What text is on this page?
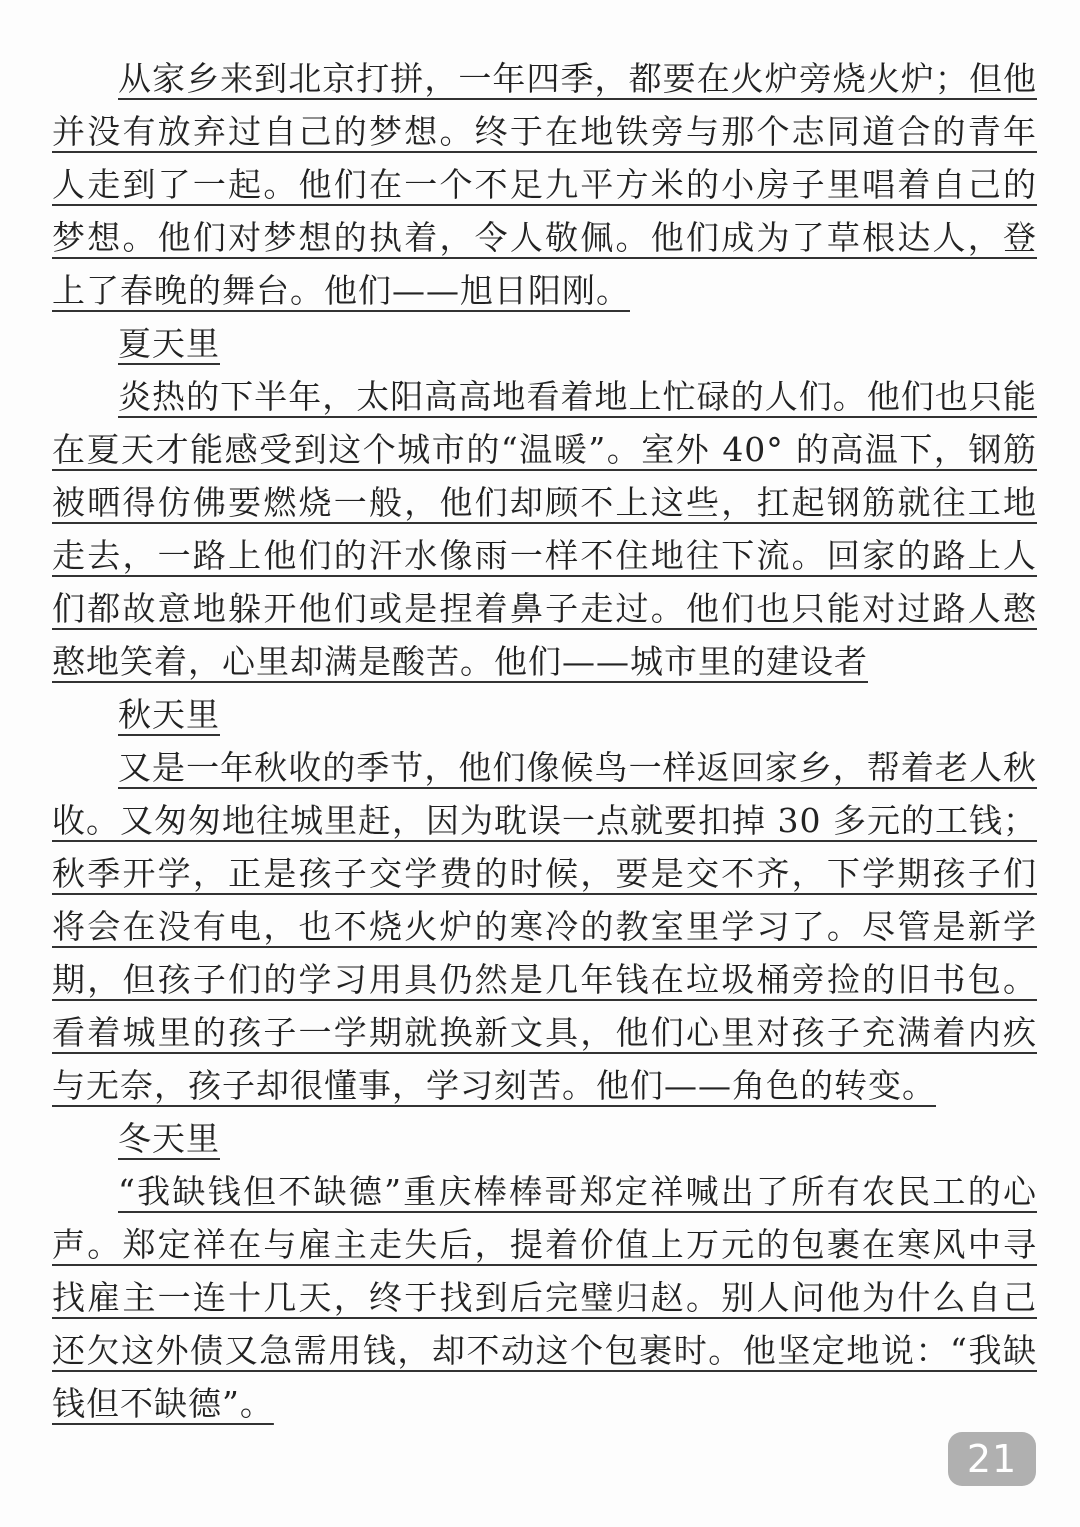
从家乡来到北京打拼，一年四季，都要在火炉旁烧火炉；但他并没有放弃过自己的梦想。终于在地铁旁与那个志同道合的青年人走到了一起。他们在一个不足九平方米的小房子里唱着自己的梦想。他们对梦想的执着，令人敬佩。他们成为了草根达人，登上了春晚的舞台。他们——旭日阳刚。

夏天里

炎热的下半年，太阳高高地看着地上忙碌的人们。他们也只能在夏天才能感受到这个城市的“温暖”。室外 40° 的高温下，钢筋被晒得仿佛要燃烧一般，他们却顾不上这些，扛起钢筋就往工地走去，一路上他们的汗水像雨一样不住地往下流。回家的路上人们都故意地躲开他们或是捏着鼻子走过。他们也只能对过路人憨憨地笑着，心里却满是酸苦。他们——城市里的建设者

秋天里

又是一年秋收的季节，他们像候鸟一样返回家乡，帮着老人秋收。又匆匆地往城里赶，因为耽误一点就要扣掉 30 多元的工钱；秋季开学，正是孩子交学费的时候，要是交不齐，下学期孩子们将会在没有电，也不烧火炉的寒冷的教室里学习了。尽管是新学期，但孩子们的学习用具仍然是几年钱在垃圾桶旁捡的旧书包。看着城里的孩子一学期就换新文具，他们心里对孩子充满着内疚与无奈，孩子却很懂事，学习刻苦。他们——角色的转变。

冬天里

“我缺钱但不缺德”重庆棒棒哥郑定祥喊出了所有农民工的心声。郑定祥在与雇主走失后，提着价值上万元的包裹在寒风中寻找雇主一连十几天，终于找到后完璧归赵。别人问他为什么自己还欠这外债又急需用钱，却不动这个包裹时。他坚定地说：“我缺钱但不缺德”。

21
